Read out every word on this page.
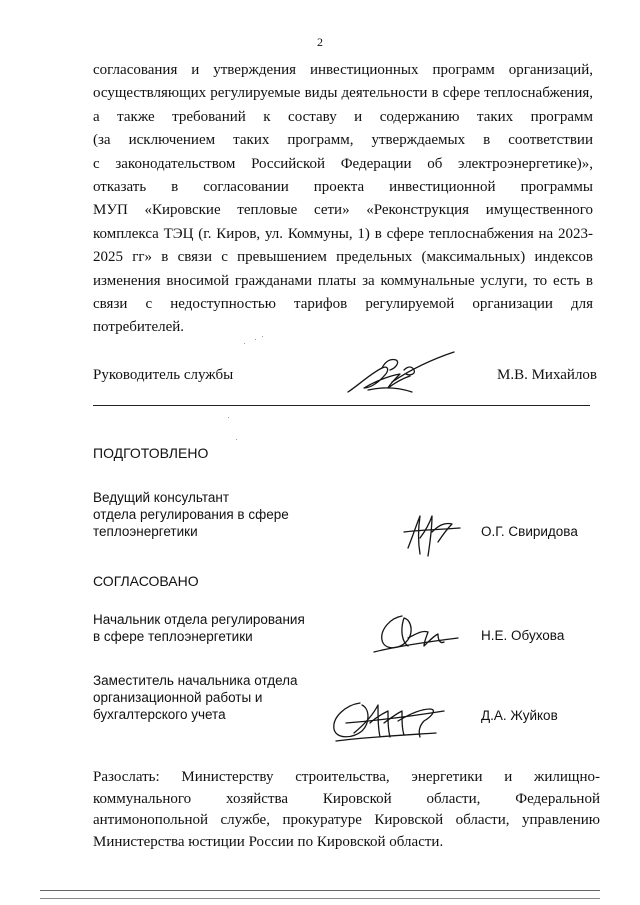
2

согласования и утверждения инвестиционных программ организаций,
осуществляющих регулируемые виды деятельности в сфере теплоснабжения,
а также требований к составу и содержанию таких программ
(за исключением таких программ, утверждаемых в соответствии
с законодательством Российской Федерации об электроэнергетике)»,
отказать в согласовании проекта инвестиционной программы
МУП «Кировские тепловые сети» «Реконструкция имущественного
комплекса ТЭЦ (г. Киров, ул. Коммуны, 1) в сфере теплоснабжения на 2023-
2025 гг» в связи с превышением предельных (максимальных) индексов
изменения вносимой гражданами платы за коммунальные услуги, то есть в
связи с недоступностью тарифов регулируемой организации для
потребителей.

Руководитель службы	М.В. Михайлов
ПОДГОТОВЛЕНО
Ведущий консультант
отдела регулирования в сфере
теплоэнергетики	О.Г. Свиридова
СОГЛАСОВАНО
Начальник отдела регулирования
в сфере теплоэнергетики	Н.Е. Обухова
Заместитель начальника отдела
организационной работы и
бухгалтерского учета	Д.А. Жуйков

Разослать: Министерству строительства, энергетики и жилищно-
коммунального хозяйства Кировской области, Федеральной
антимонопольной службе, прокуратуре Кировской области, управлению
Министерства юстиции России по Кировской области.
